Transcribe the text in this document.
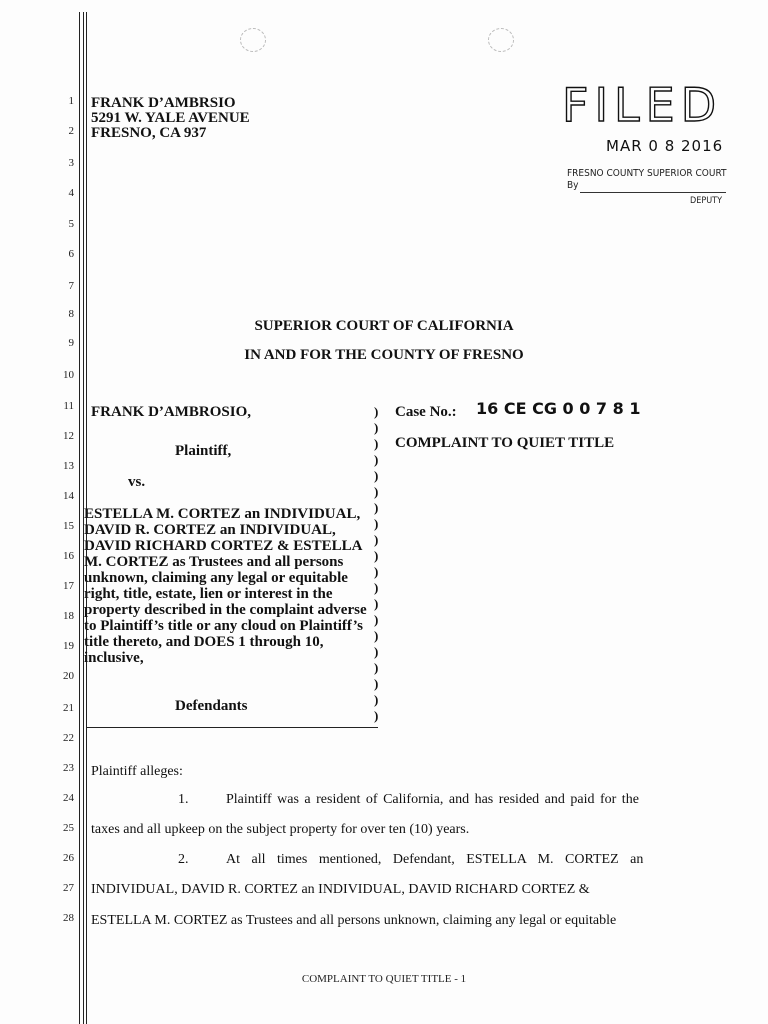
1
2
3
4
5
6
7
8
9
10
11
12
13
14
15
16
17
18
19
20
21
22
23
24
25
26
27
28
FRANK D’AMBRSIO
5291 W. YALE AVENUE
FRESNO, CA 937
FILED
MAR 0 8 2016
FRESNO COUNTY SUPERIOR COURT
By
DEPUTY
SUPERIOR COURT OF CALIFORNIA
IN AND FOR THE COUNTY OF FRESNO
FRANK D’AMBROSIO,
Plaintiff,
vs.
ESTELLA M. CORTEZ an INDIVIDUAL,
DAVID R. CORTEZ an INDIVIDUAL,
DAVID RICHARD CORTEZ & ESTELLA
M. CORTEZ as Trustees and all persons
unknown, claiming any legal or equitable
right, title, estate, lien or interest in the
property described in the complaint adverse
to Plaintiff’s title or any cloud on Plaintiff’s
title thereto, and DOES 1 through 10,
inclusive,
Defendants
)
)
)
)
)
)
)
)
)
)
)
)
)
)
)
)
)
)
)
)
Case No.: 16 CE CG 0 0 7 8 1
COMPLAINT TO QUIET TITLE
Plaintiff alleges:
1.	Plaintiff was a resident of California, and has resided and paid for the
taxes and all upkeep on the subject property for over ten (10) years.
2.	At all times mentioned, Defendant, ESTELLA M. CORTEZ an
INDIVIDUAL, DAVID R. CORTEZ an INDIVIDUAL, DAVID RICHARD CORTEZ &
ESTELLA M. CORTEZ as Trustees and all persons unknown, claiming any legal or equitable
COMPLAINT TO QUIET TITLE - 1
